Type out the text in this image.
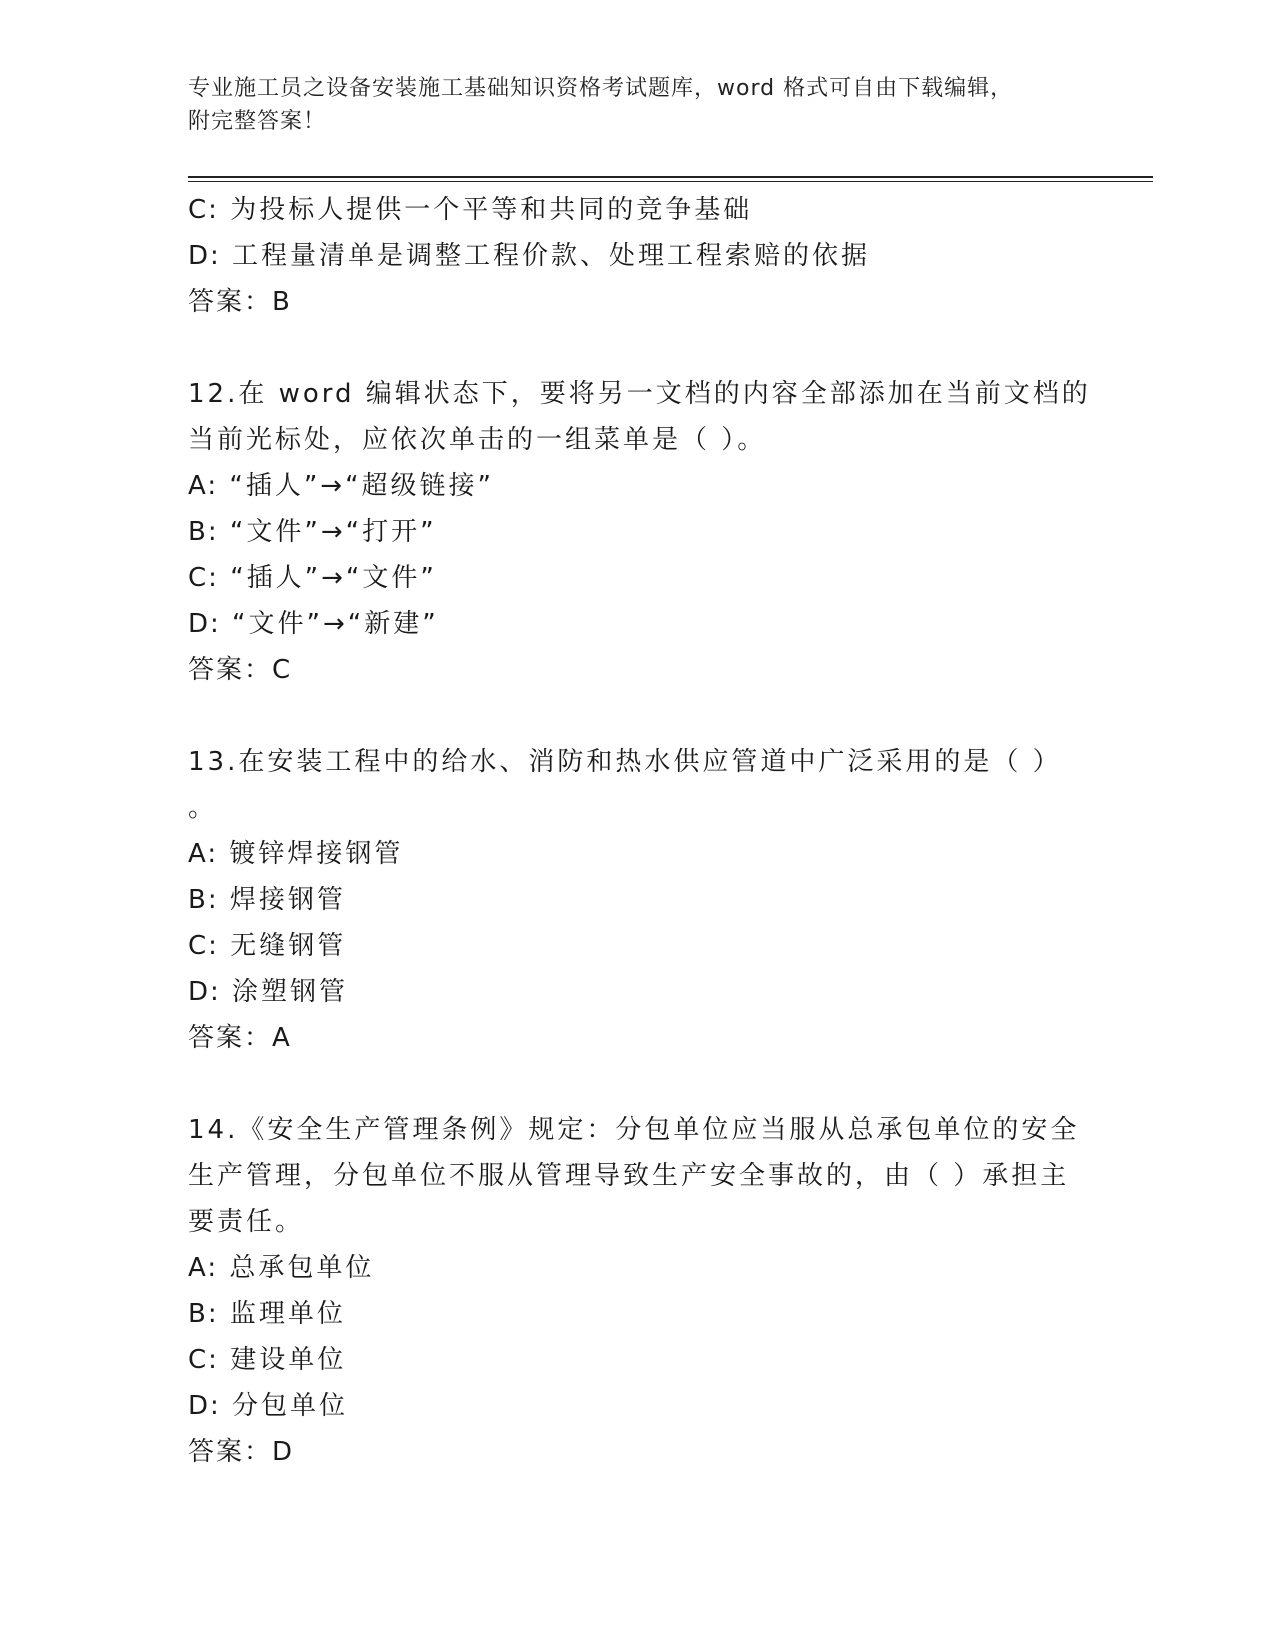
专业施工员之设备安装施工基础知识资格考试题库，word 格式可自由下载编辑，
附完整答案！
C: 为投标人提供一个平等和共同的竞争基础
D: 工程量清单是调整工程价款、处理工程索赔的依据
答案：B
12.在 word 编辑状态下，要将另一文档的内容全部添加在当前文档的
当前光标处，应依次单击的一组菜单是（ ）。
A: “插人”→“超级链接”
B: “文件”→“打开”
C: “插人”→“文件”
D: “文件”→“新建”
答案：C
13.在安装工程中的给水、消防和热水供应管道中广泛采用的是（ ）
。
A: 镀锌焊接钢管
B: 焊接钢管
C: 无缝钢管
D: 涂塑钢管
答案：A
14.《安全生产管理条例》规定：分包单位应当服从总承包单位的安全
生产管理，分包单位不服从管理导致生产安全事故的，由（ ）承担主
要责任。
A: 总承包单位
B: 监理单位
C: 建设单位
D: 分包单位
答案：D
